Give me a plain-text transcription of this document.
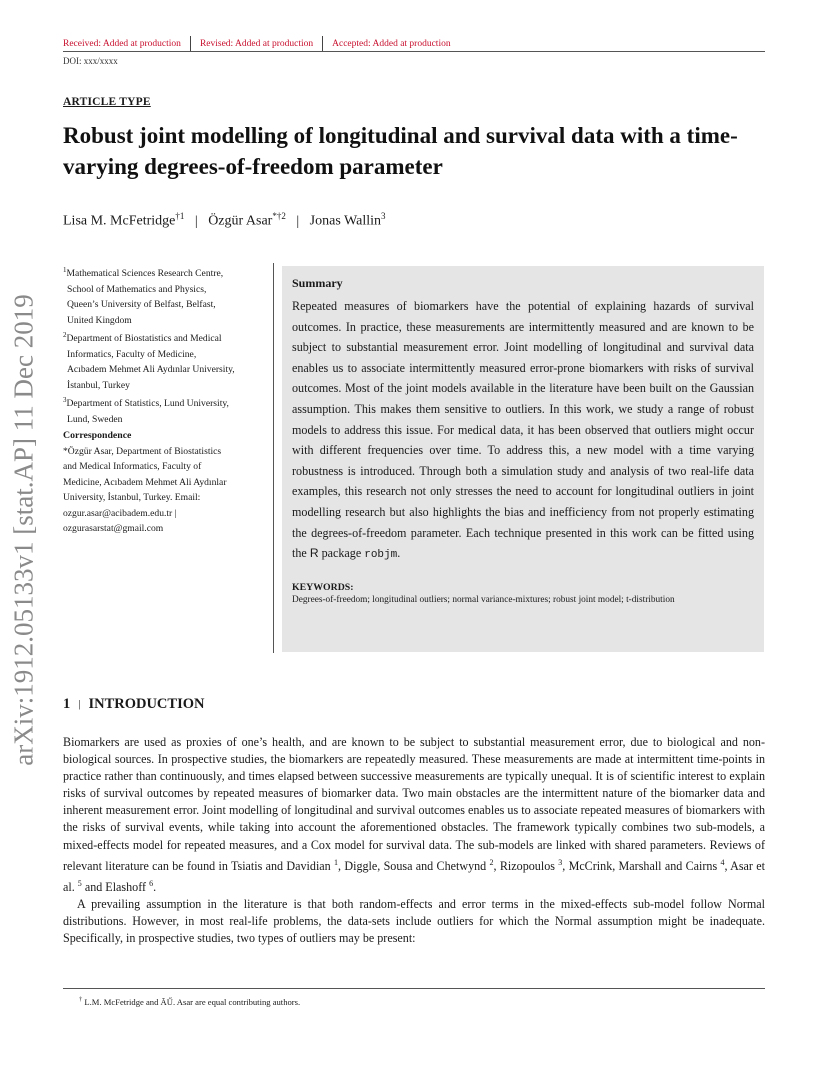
Received: Added at production Revised: Added at production Accepted: Added at production
DOI: xxx/xxxx
arXiv:1912.05133v1 [stat.AP] 11 Dec 2019
ARTICLE TYPE
Robust joint modelling of longitudinal and survival data with a time-varying degrees-of-freedom parameter
Lisa M. McFetridge$^{\dagger 1}$ | Özgür Asar$^{*\dagger 2}$ | Jonas Wallin$^3$
$^1$Mathematical Sciences Research Centre,
School of Mathematics and Physics,
Queen’s University of Belfast, Belfast,
United Kingdom
$^2$Department of Biostatistics and Medical
Informatics, Faculty of Medicine,
Acıbadem Mehmet Ali Aydınlar University,
İstanbul, Turkey
$^3$Department of Statistics, Lund University,
Lund, Sweden
Correspondence
*Özgür Asar, Department of Biostatistics
and Medical Informatics, Faculty of
Medicine, Acıbadem Mehmet Ali Aydınlar
University, İstanbul, Turkey. Email:
ozgur.asar@acibadem.edu.tr |
ozgurasarstat@gmail.com
Summary
Repeated measures of biomarkers have the potential of explaining hazards of survival outcomes. In practice, these measurements are intermittently measured and are known to be subject to substantial measurement error. Joint modelling of longitudinal and survival data enables us to associate intermittently measured error-prone biomarkers with risks of survival outcomes. Most of the joint models available in the literature have been built on the Gaussian assumption. This makes them sensitive to outliers. In this work, we study a range of robust models to address this issue. For medical data, it has been observed that outliers might occur with different frequencies over time. To address this, a new model with a time varying robustness is introduced. Through both a simulation study and analysis of two real-life data examples, this research not only stresses the need to account for longitudinal outliers in joint modelling research but also highlights the bias and inefficiency from not properly estimating the degrees-of-freedom parameter. Each technique presented in this work can be fitted using the R package robjm.
KEYWORDS:
Degrees-of-freedom; longitudinal outliers; normal variance-mixtures; robust joint model; t-distribution
1 | INTRODUCTION

Biomarkers are used as proxies of one’s health, and are known to be subject to substantial measurement error, due to biological and non-biological sources. In prospective studies, the biomarkers are repeatedly measured. These measurements are made at intermittent time-points in practice rather than continuously, and times elapsed between successive measurements are typically unequal. It is of scientific interest to explain risks of survival outcomes by repeated measures of biomarker data. Two main obstacles are the intermittent nature of the biomarker data and inherent measurement error. Joint modelling of longitudinal and survival outcomes enables us to associate repeated measures of biomarkers with the risks of survival events, while taking into account the aforementioned obstacles. The framework typically combines two sub-models, a mixed-effects model for repeated measures, and a Cox model for survival data. The sub-models are linked with shared parameters. Reviews of relevant literature can be found in Tsiatis and Davidian $^1$, Diggle, Sousa and Chetwynd $^2$, Rizopoulos $^3$, McCrink, Marshall and Cairns $^4$, Asar et al. $^5$ and Elashoff $^6$.

A prevailing assumption in the literature is that both random-effects and error terms in the mixed-effects sub-model follow Normal distributions. However, in most real-life problems, the data-sets include outliers for which the Normal assumption might be inadequate. Specifically, in prospective studies, two types of outliers may be present:

† L.M. McFetridge and ÃŰ. Asar are equal contributing authors.
